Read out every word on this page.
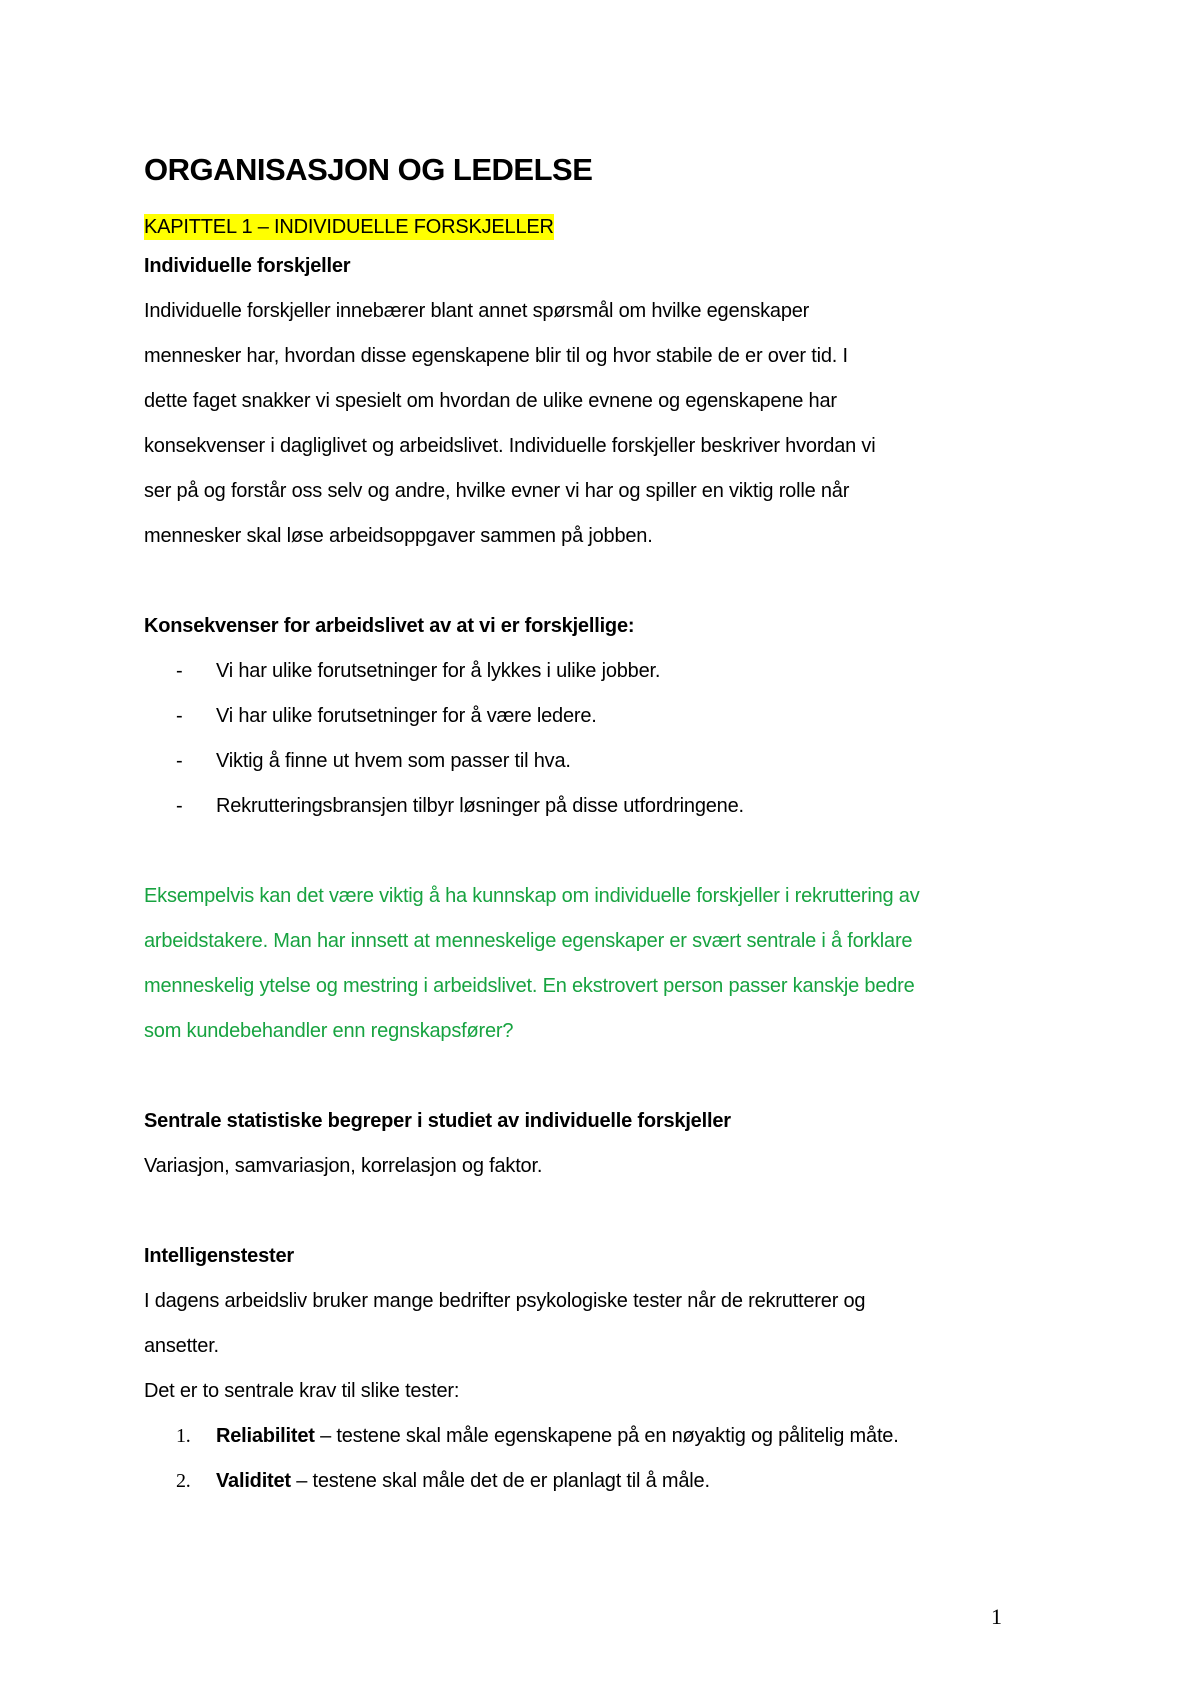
ORGANISASJON OG LEDELSE

KAPITTEL 1 – INDIVIDUELLE FORSKJELLER

Individuelle forskjeller

Individuelle forskjeller innebærer blant annet spørsmål om hvilke egenskaper

mennesker har, hvordan disse egenskapene blir til og hvor stabile de er over tid. I

dette faget snakker vi spesielt om hvordan de ulike evnene og egenskapene har

konsekvenser i dagliglivet og arbeidslivet. Individuelle forskjeller beskriver hvordan vi

ser på og forstår oss selv og andre, hvilke evner vi har og spiller en viktig rolle når

mennesker skal løse arbeidsoppgaver sammen på jobben.

Konsekvenser for arbeidslivet av at vi er forskjellige:

- Vi har ulike forutsetninger for å lykkes i ulike jobber.
- Vi har ulike forutsetninger for å være ledere.
- Viktig å finne ut hvem som passer til hva.
- Rekrutteringsbransjen tilbyr løsninger på disse utfordringene.

Eksempelvis kan det være viktig å ha kunnskap om individuelle forskjeller i rekruttering av

arbeidstakere. Man har innsett at menneskelige egenskaper er svært sentrale i å forklare

menneskelig ytelse og mestring i arbeidslivet. En ekstrovert person passer kanskje bedre

som kundebehandler enn regnskapsfører?

Sentrale statistiske begreper i studiet av individuelle forskjeller

Variasjon, samvariasjon, korrelasjon og faktor.

Intelligenstester

I dagens arbeidsliv bruker mange bedrifter psykologiske tester når de rekrutterer og

ansetter.

Det er to sentrale krav til slike tester:

1. Reliabilitet – testene skal måle egenskapene på en nøyaktig og pålitelig måte.
2. Validitet – testene skal måle det de er planlagt til å måle.
1
